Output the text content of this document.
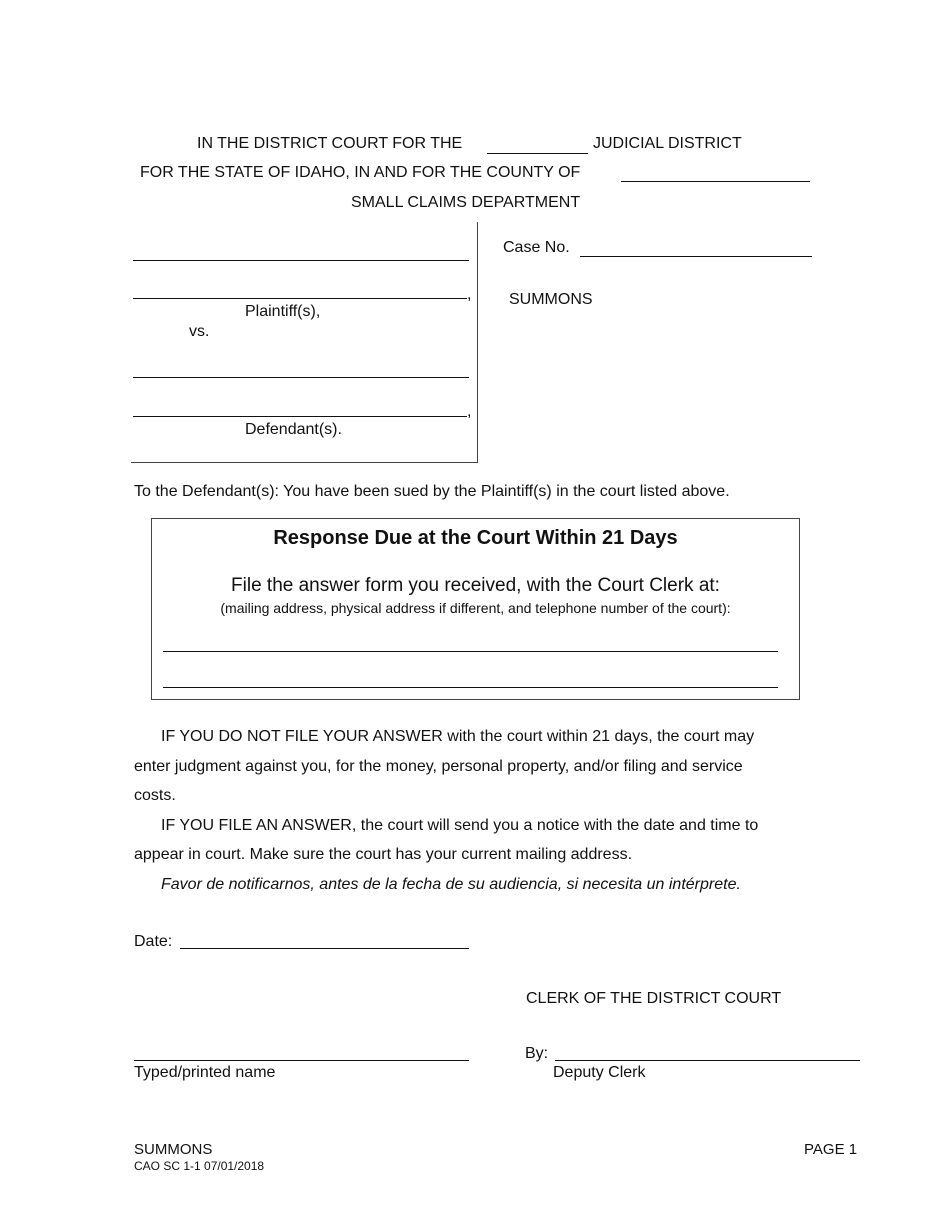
IN THE DISTRICT COURT FOR THE	JUDICIAL DISTRICT
FOR THE STATE OF IDAHO, IN AND FOR THE COUNTY OF
SMALL CLAIMS DEPARTMENT
,
Plaintiff(s),
vs.
,
Defendant(s).
Case No.
SUMMONS
To the Defendant(s): You have been sued by the Plaintiff(s) in the court listed above.
Response Due at the Court Within 21 Days
File the answer form you received, with the Court Clerk at:
(mailing address, physical address if different, and telephone number of the court):
IF YOU DO NOT FILE YOUR ANSWER with the court within 21 days, the court may
enter judgment against you, for the money, personal property, and/or filing and service
costs.
IF YOU FILE AN ANSWER, the court will send you a notice with the date and time to
appear in court. Make sure the court has your current mailing address.
Favor de notificarnos, antes de la fecha de su audiencia, si necesita un intérprete.
Date:
CLERK OF THE DISTRICT COURT
Typed/printed name
By:
Deputy Clerk
SUMMONS
CAO SC 1-1 07/01/2018
PAGE 1
